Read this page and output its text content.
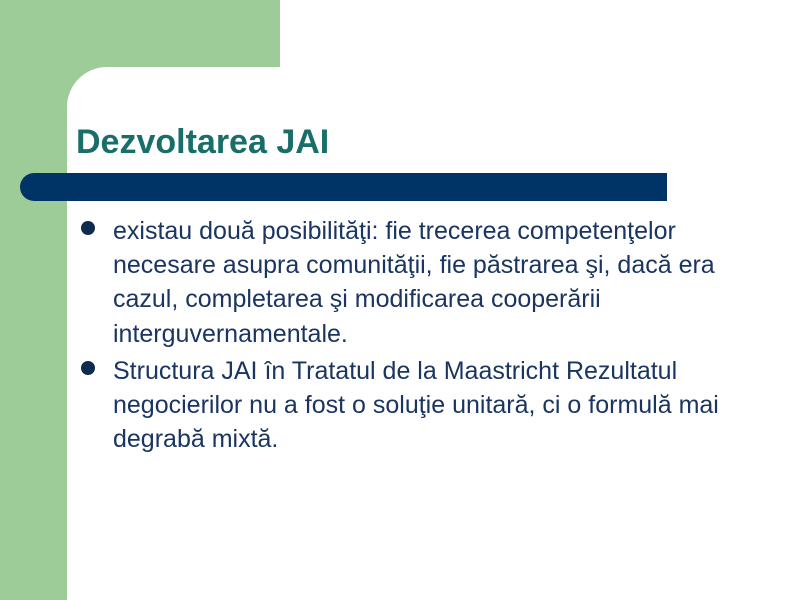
Dezvoltarea JAI
existau două posibilităţi: fie trecerea competenţelor necesare asupra comunităţii, fie păstrarea şi, dacă era cazul, completarea şi modificarea cooperării interguvernamentale.
Structura JAI în Tratatul de la Maastricht Rezultatul negocierilor nu a fost o soluţie unitară, ci o formulă mai degrabă mixtă.
